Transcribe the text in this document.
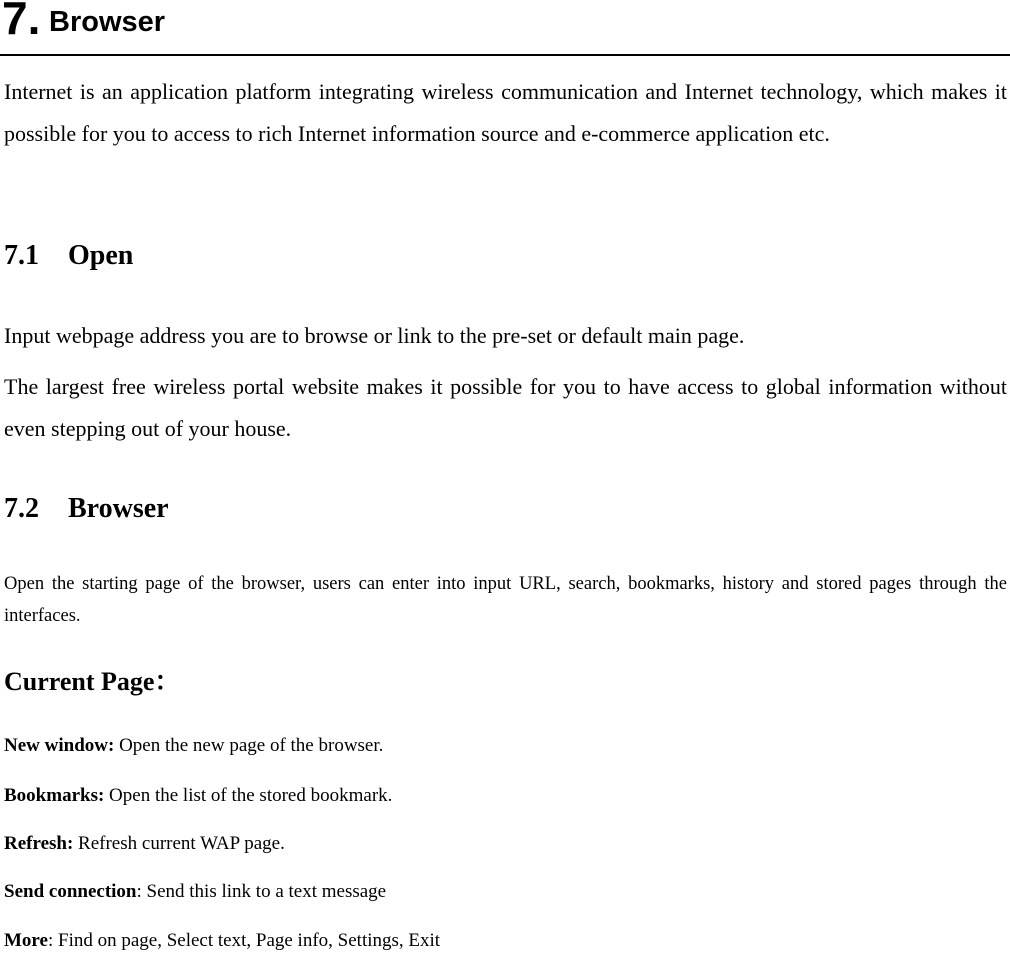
7. Browser
Internet is an application platform integrating wireless communication and Internet technology, which makes it possible for you to access to rich Internet information source and e-commerce application etc.
7.1 Open
Input webpage address you are to browse or link to the pre-set or default main page.
The largest free wireless portal website makes it possible for you to have access to global information without even stepping out of your house.
7.2 Browser
Open the starting page of the browser, users can enter into input URL, search, bookmarks, history and stored pages through the interfaces.
Current Page：
New window: Open the new page of the browser.
Bookmarks: Open the list of the stored bookmark.
Refresh: Refresh current WAP page.
Send connection: Send this link to a text message
More: Find on page, Select text, Page info, Settings, Exit
